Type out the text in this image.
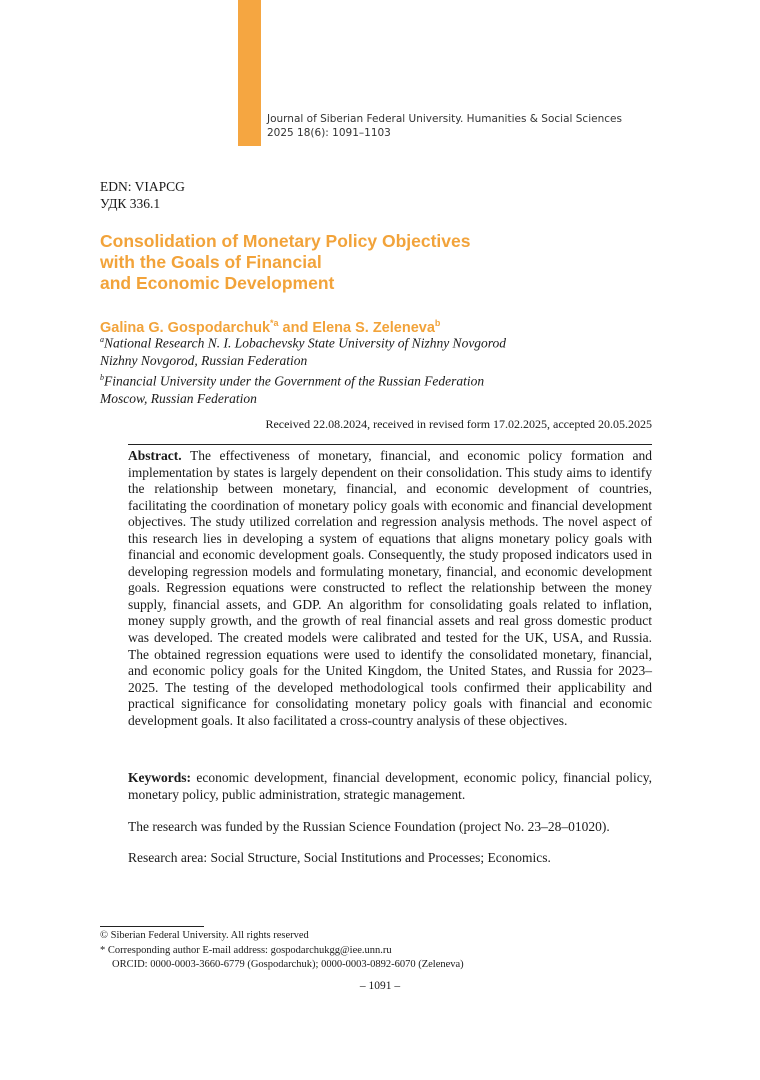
Journal of Siberian Federal University. Humanities & Social Sciences
2025 18(6): 1091–1103
EDN: VIAPCG
УДК 336.1
Consolidation of Monetary Policy Objectives
with the Goals of Financial
and Economic Development
Galina G. Gospodarchuk$^{*a}$ and Elena S. Zeleneva$^b$
$^a$National Research N. I. Lobachevsky State University of Nizhny Novgorod
Nizhny Novgorod, Russian Federation
$^b$Financial University under the Government of the Russian Federation
Moscow, Russian Federation
Received 22.08.2024, received in revised form 17.02.2025, accepted 20.05.2025
Abstract. The effectiveness of monetary, financial, and economic policy formation and implementation by states is largely dependent on their consolidation. This study aims to identify the relationship between monetary, financial, and economic development of countries, facilitating the coordination of monetary policy goals with economic and financial development objectives. The study utilized correlation and regression analysis methods. The novel aspect of this research lies in developing a system of equations that aligns monetary policy goals with financial and economic development goals. Consequently, the study proposed indicators used in developing regression models and formulating monetary, financial, and economic development goals. Regression equations were constructed to reflect the relationship between the money supply, financial assets, and GDP. An algorithm for consolidating goals related to inflation, money supply growth, and the growth of real financial assets and real gross domestic product was developed. The created models were calibrated and tested for the UK, USA, and Russia. The obtained regression equations were used to identify the consolidated monetary, financial, and economic policy goals for the United Kingdom, the United States, and Russia for 2023–2025. The testing of the developed methodological tools confirmed their applicability and practical significance for consolidating monetary policy goals with financial and economic development goals. It also facilitated a cross-country analysis of these objectives.
Keywords: economic development, financial development, economic policy, financial policy, monetary policy, public administration, strategic management.
The research was funded by the Russian Science Foundation (project No. 23–28–01020).
Research area: Social Structure, Social Institutions and Processes; Economics.
© Siberian Federal University. All rights reserved
* Corresponding author E-mail address: gospodarchukgg@iee.unn.ru
ORCID: 0000-0003-3660-6779 (Gospodarchuk); 0000-0003-0892-6070 (Zeleneva)
– 1091 –
